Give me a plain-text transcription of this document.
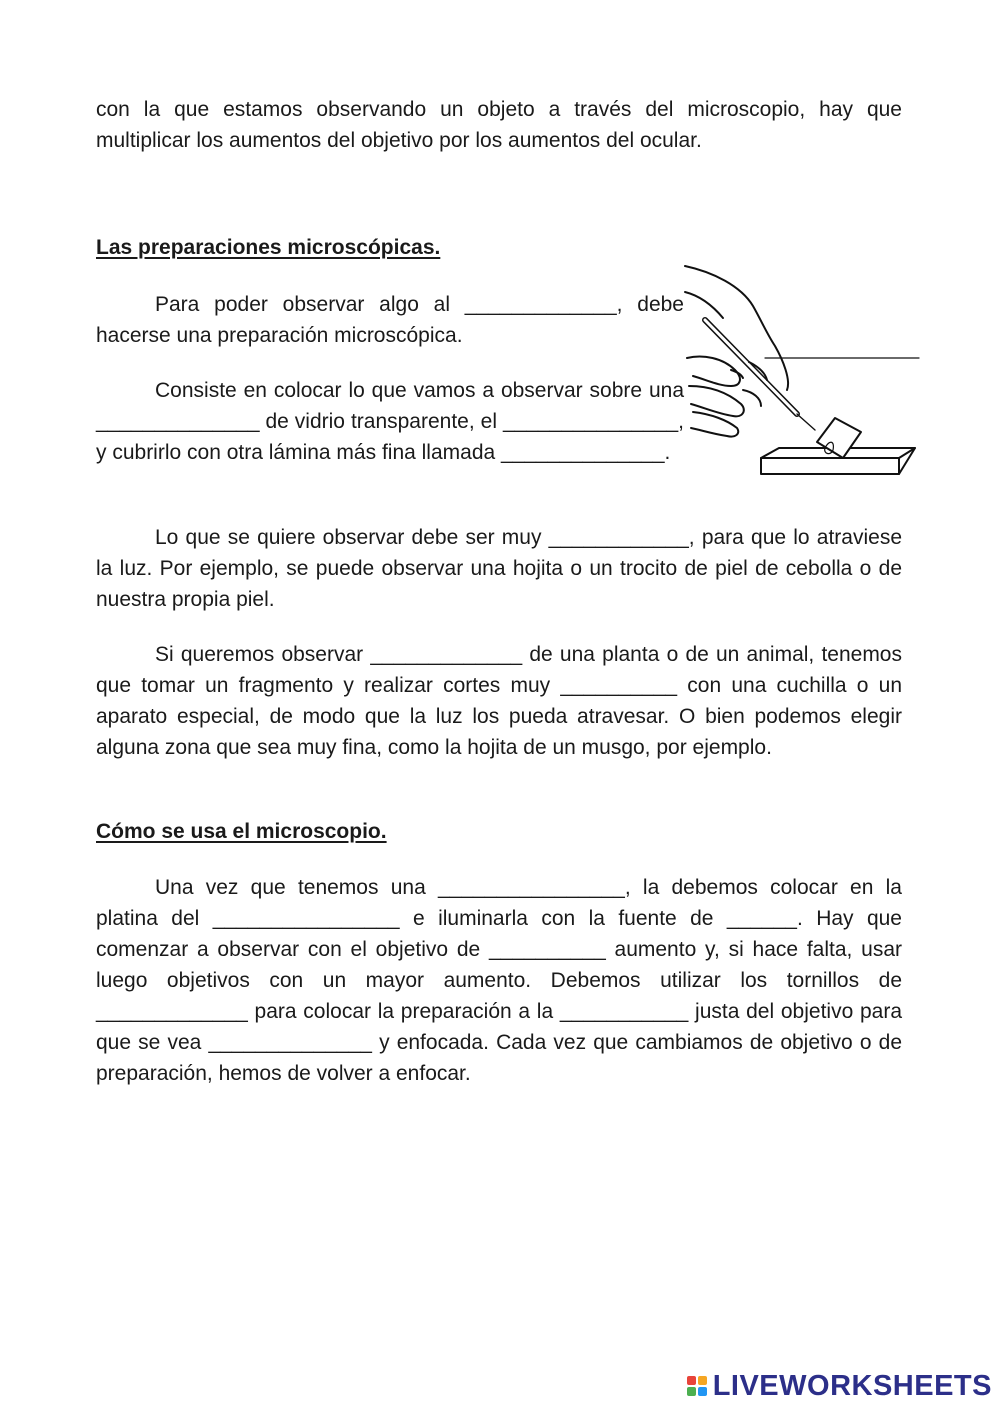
con la que estamos observando un objeto a través del microscopio, hay que multiplicar los aumentos del objetivo por los aumentos del ocular.

Las preparaciones microscópicas.

Para poder observar algo al _____________, debe hacerse una preparación microscópica.

Consiste en colocar lo que vamos a observar sobre una ______________ de vidrio transparente, el _______________, y cubrirlo con otra lámina más fina llamada ______________.

Lo que se quiere observar debe ser muy ____________, para que lo atraviese la luz. Por ejemplo, se puede observar una hojita o un trocito de piel de cebolla o de nuestra propia piel.

Si queremos observar _____________ de una planta o de un animal, tenemos que tomar un fragmento y realizar cortes muy __________ con una cuchilla o un aparato especial, de modo que la luz los pueda atravesar. O bien podemos elegir alguna zona que sea muy fina, como la hojita de un musgo, por ejemplo.

Cómo se usa el microscopio.

Una vez que tenemos una ________________, la debemos colocar en la platina del ________________ e iluminarla con la fuente de ______. Hay que comenzar a observar con el objetivo de __________ aumento y, si hace falta, usar luego objetivos con un mayor aumento. Debemos utilizar los tornillos de _____________ para colocar la preparación a la ___________ justa del objetivo para que se vea ______________ y enfocada. Cada vez que cambiamos de objetivo o de preparación, hemos de volver a enfocar.

LIVEWORKSHEETS
